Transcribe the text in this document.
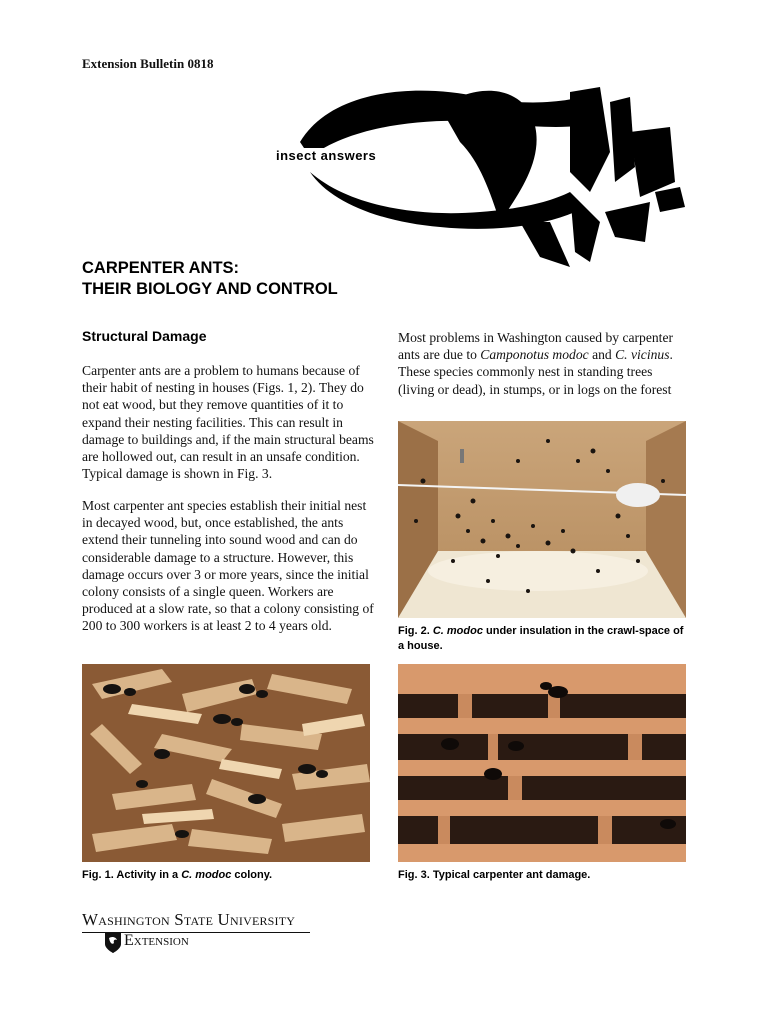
Extension Bulletin 0818
insect answers
CARPENTER ANTS:
THEIR BIOLOGY AND CONTROL
Structural Damage
Carpenter ants are a problem to humans because of their habit of nesting in houses (Figs. 1, 2). They do not eat wood, but they remove quantities of it to expand their nesting facilities. This can result in damage to buildings and, if the main structural beams are hollowed out, can result in an unsafe condition. Typical damage is shown in Fig. 3.
Most carpenter ant species establish their initial nest in decayed wood, but, once established, the ants extend their tunneling into sound wood and can do considerable damage to a structure. However, this damage occurs over 3 or more years, since the initial colony consists of a single queen. Workers are produced at a slow rate, so that a colony consisting of 200 to 300 workers is at least 2 to 4 years old.
Most problems in Washington caused by carpenter ants are due to Camponotus modoc and C. vicinus. These species commonly nest in standing trees (living or dead), in stumps, or in logs on the forest
Fig. 2. C. modoc under insulation in the crawl-space of a house.
Fig. 1. Activity in a C. modoc colony.	Fig. 3. Typical carpenter ant damage.
Washington State University
Extension
